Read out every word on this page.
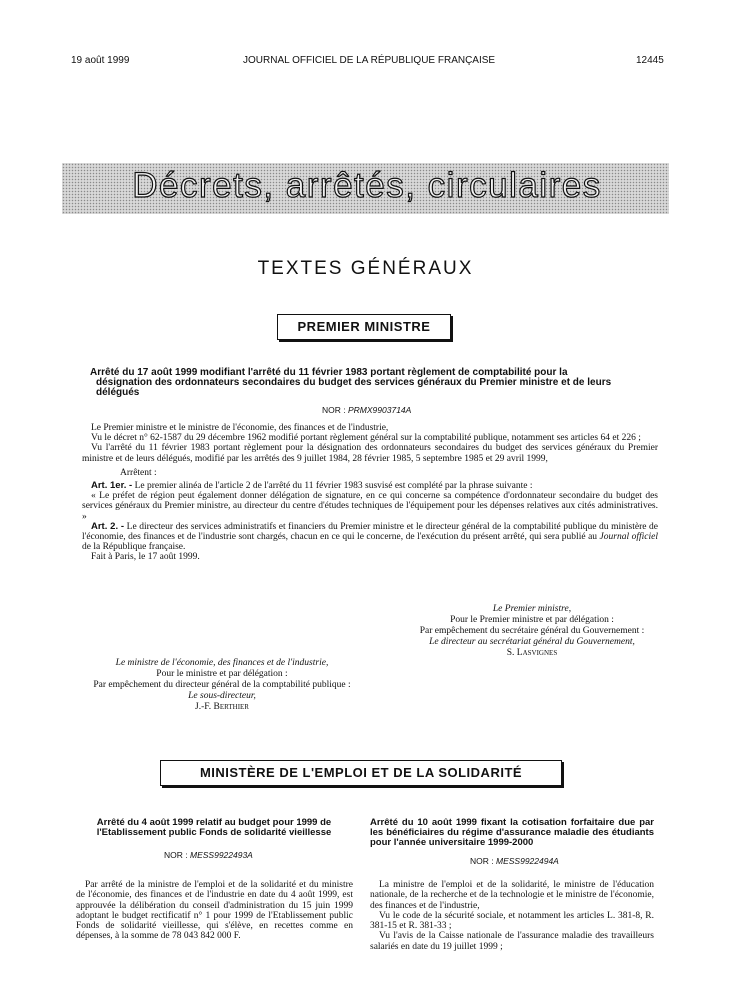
19 août 1999	JOURNAL OFFICIEL DE LA RÉPUBLIQUE FRANÇAISE	12445
Décrets, arrêtés, circulaires
TEXTES GÉNÉRAUX
PREMIER MINISTRE
Arrêté du 17 août 1999 modifiant l'arrêté du 11 février 1983 portant règlement de comptabilité pour la
désignation des ordonnateurs secondaires du budget des services généraux du Premier ministre et de leurs
délégués
NOR : PRMX9903714A

Le Premier ministre et le ministre de l'économie, des finances et de l'industrie,

Vu le décret n° 62-1587 du 29 décembre 1962 modifié portant règlement général sur la comptabilité publique, notamment ses articles 64 et 226 ;

Vu l'arrêté du 11 février 1983 portant règlement pour la désignation des ordonnateurs secondaires du budget des services généraux du Premier ministre et de leurs délégués, modifié par les arrêtés des 9 juillet 1984, 28 février 1985, 5 septembre 1985 et 29 avril 1999,

Arrêtent :

Art. 1er. - Le premier alinéa de l'article 2 de l'arrêté du 11 février 1983 susvisé est complété par la phrase suivante :

« Le préfet de région peut également donner délégation de signature, en ce qui concerne sa compétence d'ordonnateur secondaire du budget des services généraux du Premier ministre, au directeur du centre d'études techniques de l'équipement pour les dépenses relatives aux cités administratives. »

Art. 2. - Le directeur des services administratifs et financiers du Premier ministre et le directeur général de la comptabilité publique du ministère de l'économie, des finances et de l'industrie sont chargés, chacun en ce qui le concerne, de l'exécution du présent arrêté, qui sera publié au Journal officiel de la République française.

Fait à Paris, le 17 août 1999.

Le Premier ministre,
Pour le Premier ministre et par délégation :
Par empêchement du secrétaire général du Gouvernement :
Le directeur au secrétariat général du Gouvernement,
S. Lasvignes
Le ministre de l'économie, des finances et de l'industrie,
Pour le ministre et par délégation :
Par empêchement du directeur général de la comptabilité publique :
Le sous-directeur,
J.-F. Berthier
MINISTÈRE DE L'EMPLOI ET DE LA SOLIDARITÉ
Arrêté du 4 août 1999 relatif au budget pour 1999 de l'Etablissement public Fonds de solidarité vieillesse
NOR : MESS9922493A

Par arrêté de la ministre de l'emploi et de la solidarité et du ministre de l'économie, des finances et de l'industrie en date du 4 août 1999, est approuvée la délibération du conseil d'administration du 15 juin 1999 adoptant le budget rectificatif n° 1 pour 1999 de l'Etablissement public Fonds de solidarité vieillesse, qui s'élève, en recettes comme en dépenses, à la somme de 78 043 842 000 F.

Arrêté du 10 août 1999 fixant la cotisation forfaitaire due par les bénéficiaires du régime d'assurance maladie des étudiants pour l'année universitaire 1999-2000
NOR : MESS9922494A

La ministre de l'emploi et de la solidarité, le ministre de l'éducation nationale, de la recherche et de la technologie et le ministre de l'économie, des finances et de l'industrie,

Vu le code de la sécurité sociale, et notamment les articles L. 381-8, R. 381-15 et R. 381-33 ;

Vu l'avis de la Caisse nationale de l'assurance maladie des travailleurs salariés en date du 19 juillet 1999 ;
